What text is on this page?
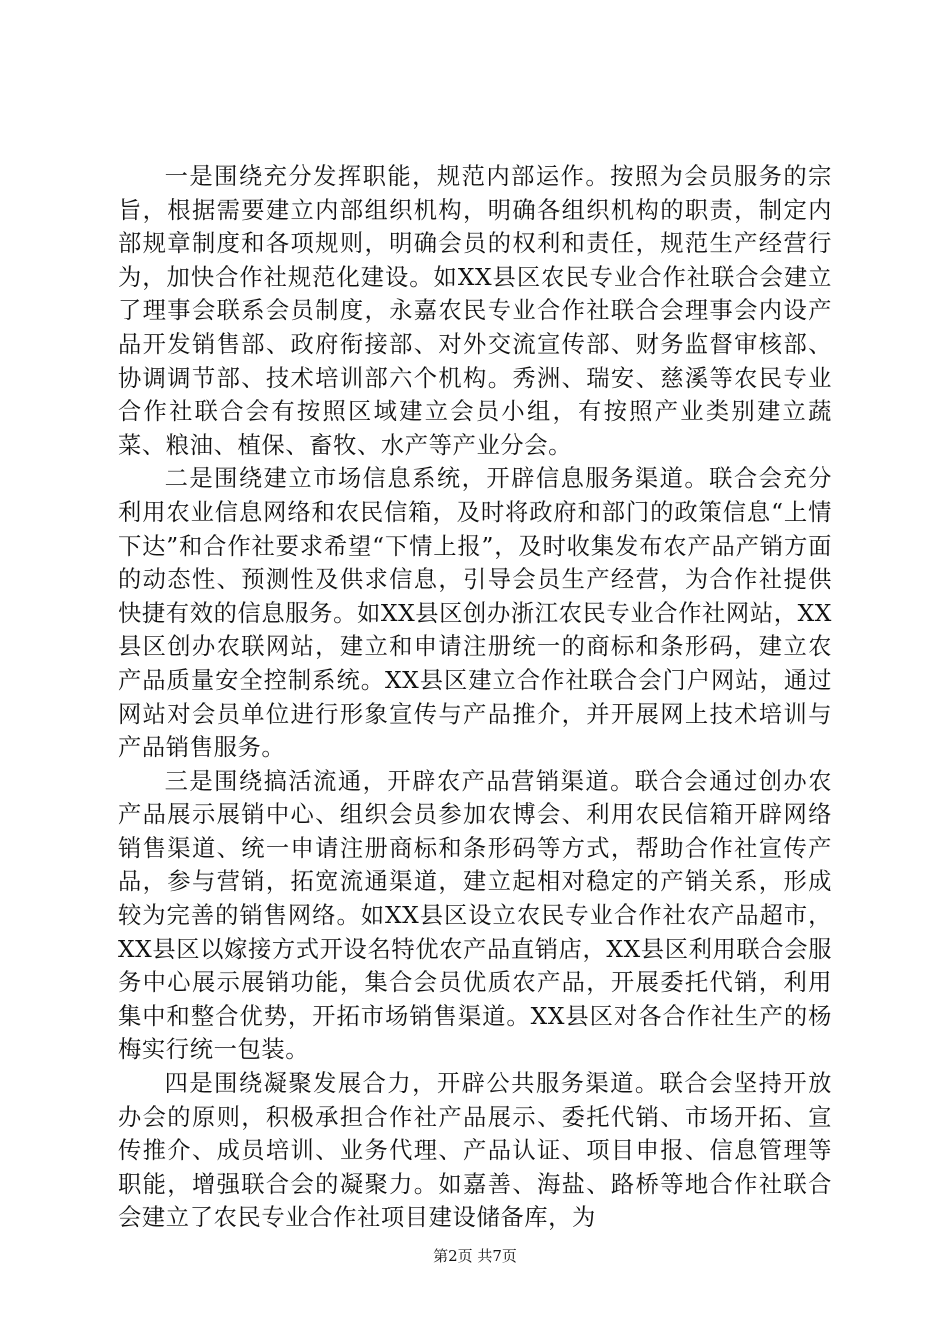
一是围绕充分发挥职能，规范内部运作。按照为会员服务的宗旨，根据需要建立内部组织机构，明确各组织机构的职责，制定内部规章制度和各项规则，明确会员的权利和责任，规范生产经营行为，加快合作社规范化建设。如XX县区农民专业合作社联合会建立了理事会联系会员制度，永嘉农民专业合作社联合会理事会内设产品开发销售部、政府衔接部、对外交流宣传部、财务监督审核部、协调调节部、技术培训部六个机构。秀洲、瑞安、慈溪等农民专业合作社联合会有按照区域建立会员小组，有按照产业类别建立蔬菜、粮油、植保、畜牧、水产等产业分会。

二是围绕建立市场信息系统，开辟信息服务渠道。联合会充分利用农业信息网络和农民信箱，及时将政府和部门的政策信息“上情下达”和合作社要求希望“下情上报”，及时收集发布农产品产销方面的动态性、预测性及供求信息，引导会员生产经营，为合作社提供快捷有效的信息服务。如XX县区创办浙江农民专业合作社网站，XX县区创办农联网站，建立和申请注册统一的商标和条形码，建立农产品质量安全控制系统。XX县区建立合作社联合会门户网站，通过网站对会员单位进行形象宣传与产品推介，并开展网上技术培训与产品销售服务。

三是围绕搞活流通，开辟农产品营销渠道。联合会通过创办农产品展示展销中心、组织会员参加农博会、利用农民信箱开辟网络销售渠道、统一申请注册商标和条形码等方式，帮助合作社宣传产品，参与营销，拓宽流通渠道，建立起相对稳定的产销关系，形成较为完善的销售网络。如XX县区设立农民专业合作社农产品超市，XX县区以嫁接方式开设名特优农产品直销店，XX县区利用联合会服务中心展示展销功能，集合会员优质农产品，开展委托代销，利用集中和整合优势，开拓市场销售渠道。XX县区对各合作社生产的杨梅实行统一包装。

四是围绕凝聚发展合力，开辟公共服务渠道。联合会坚持开放办会的原则，积极承担合作社产品展示、委托代销、市场开拓、宣传推介、成员培训、业务代理、产品认证、项目申报、信息管理等职能，增强联合会的凝聚力。如嘉善、海盐、路桥等地合作社联合会建立了农民专业合作社项目建设储备库，为

第2页 共7页
